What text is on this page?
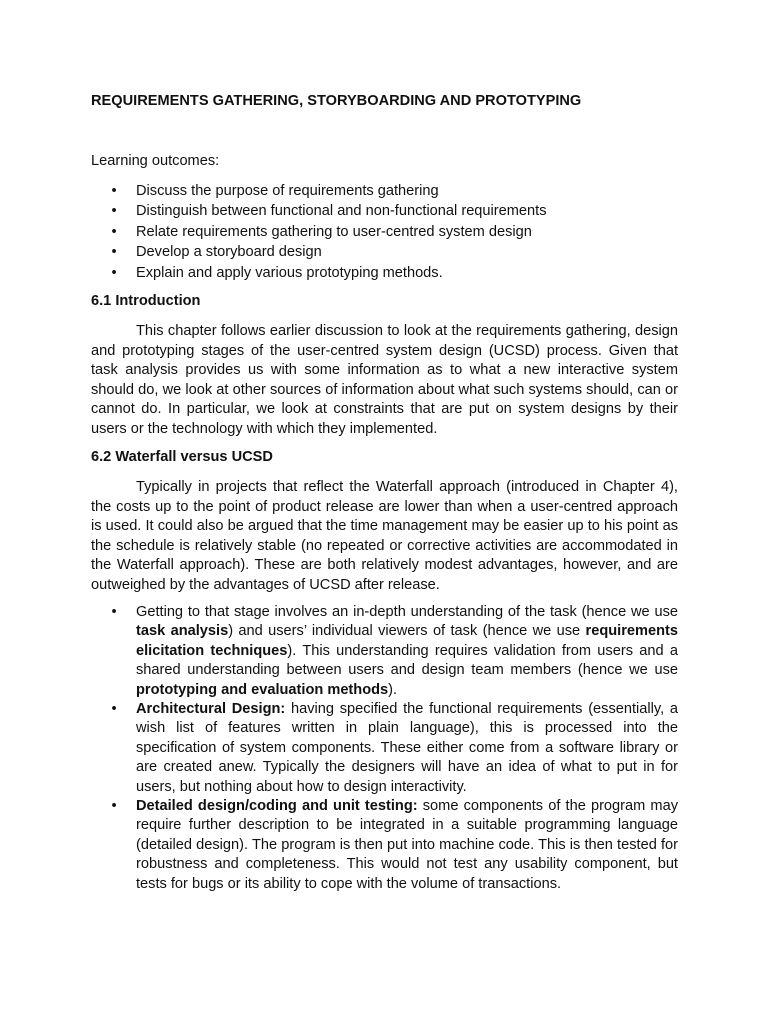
REQUIREMENTS GATHERING, STORYBOARDING AND PROTOTYPING

Learning outcomes:

• Discuss the purpose of requirements gathering
• Distinguish between functional and non-functional requirements
• Relate requirements gathering to user-centred system design
• Develop a storyboard design
• Explain and apply various prototyping methods.
6.1 Introduction

This chapter follows earlier discussion to look at the requirements gathering, design and prototyping stages of the user-centred system design (UCSD) process. Given that task analysis provides us with some information as to what a new interactive system should do, we look at other sources of information about what such systems should, can or cannot do. In particular, we look at constraints that are put on system designs by their users or the technology with which they implemented.

6.2 Waterfall versus UCSD

Typically in projects that reflect the Waterfall approach (introduced in Chapter 4), the costs up to the point of product release are lower than when a user-centred approach is used. It could also be argued that the time management may be easier up to his point as the schedule is relatively stable (no repeated or corrective activities are accommodated in the Waterfall approach). These are both relatively modest advantages, however, and are outweighed by the advantages of UCSD after release.

• Getting to that stage involves an in-depth understanding of the task (hence we use task analysis) and users’ individual viewers of task (hence we use requirements elicitation techniques). This understanding requires validation from users and a shared understanding between users and design team members (hence we use prototyping and evaluation methods).
• Architectural Design: having specified the functional requirements (essentially, a wish list of features written in plain language), this is processed into the specification of system components. These either come from a software library or are created anew. Typically the designers will have an idea of what to put in for users, but nothing about how to design interactivity.
• Detailed design/coding and unit testing: some components of the program may require further description to be integrated in a suitable programming language (detailed design). The program is then put into machine code. This is then tested for robustness and completeness. This would not test any usability component, but tests for bugs or its ability to cope with the volume of transactions.
